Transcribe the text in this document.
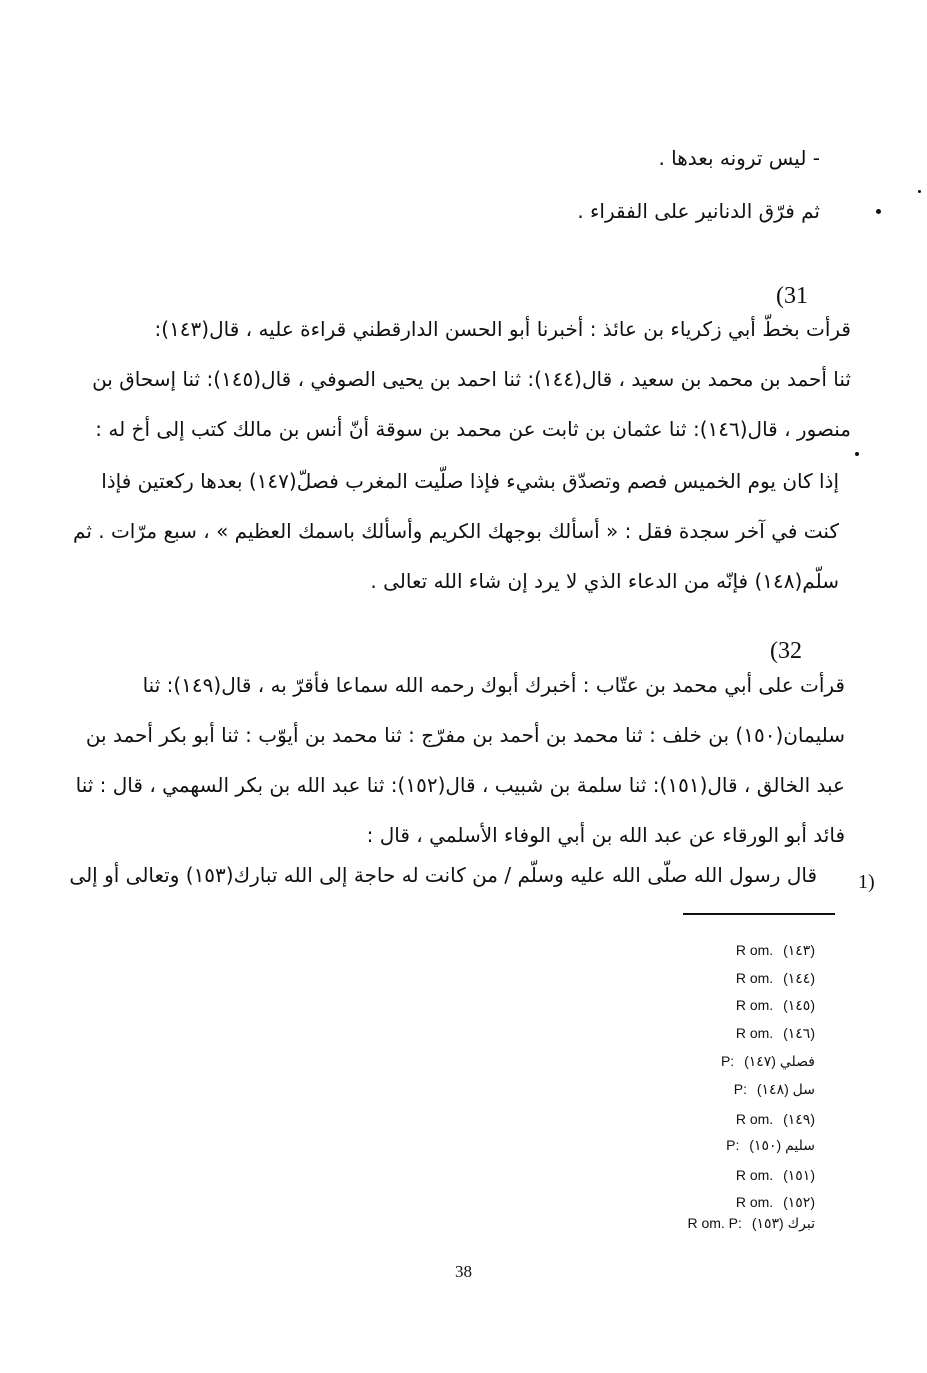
- ليس ترونه بعدها .
ثم فرّق الدنانير على الفقراء .
(31
قرأت بخطّ أبي زكرياء بن عائذ : أخبرنا أبو الحسن الدارقطني قراءة عليه ، قال(١٤٣):
ثنا أحمد بن محمد بن سعيد ، قال(١٤٤): ثنا احمد بن يحيى الصوفي ، قال(١٤٥): ثنا إسحاق بن
منصور ، قال(١٤٦): ثنا عثمان بن ثابت عن محمد بن سوقة أنّ أنس بن مالك كتب إلى أخ له :
إذا كان يوم الخميس فصم وتصدّق بشيء فإذا صلّيت المغرب فصلّ(١٤٧) بعدها ركعتين فإذا
كنت في آخر سجدة فقل : « أسألك بوجهك الكريم وأسألك باسمك العظيم » ، سبع مرّات . ثم
سلّم(١٤٨) فإنّه من الدعاء الذي لا يرد إن شاء الله تعالى .
(32
قرأت على أبي محمد بن عتّاب : أخبرك أبوك رحمه الله سماعا فأقرّ به ، قال(١٤٩): ثنا
سليمان(١٥٠) بن خلف : ثنا محمد بن أحمد بن مفرّج : ثنا محمد بن أيوّب : ثنا أبو بكر أحمد بن
عبد الخالق ، قال(١٥١): ثنا سلمة بن شبيب ، قال(١٥٢): ثنا عبد الله بن بكر السهمي ، قال : ثنا
فائد أبو الورقاء عن عبد الله بن أبي الوفاء الأسلمي ، قال :
قال رسول الله صلّى الله عليه وسلّم / من كانت له حاجة إلى الله تبارك(١٥٣) وتعالى أو إلى 1)
R om. (١٤٣)
R om. (١٤٤)
R om. (١٤٥)
R om. (١٤٦)
P: فصلي (١٤٧)
P: سل (١٤٨)
R om. (١٤٩)
P: سليم (١٥٠)
R om. (١٥١)
R om. (١٥٢)
R om. P: تبرك (١٥٣)
38
